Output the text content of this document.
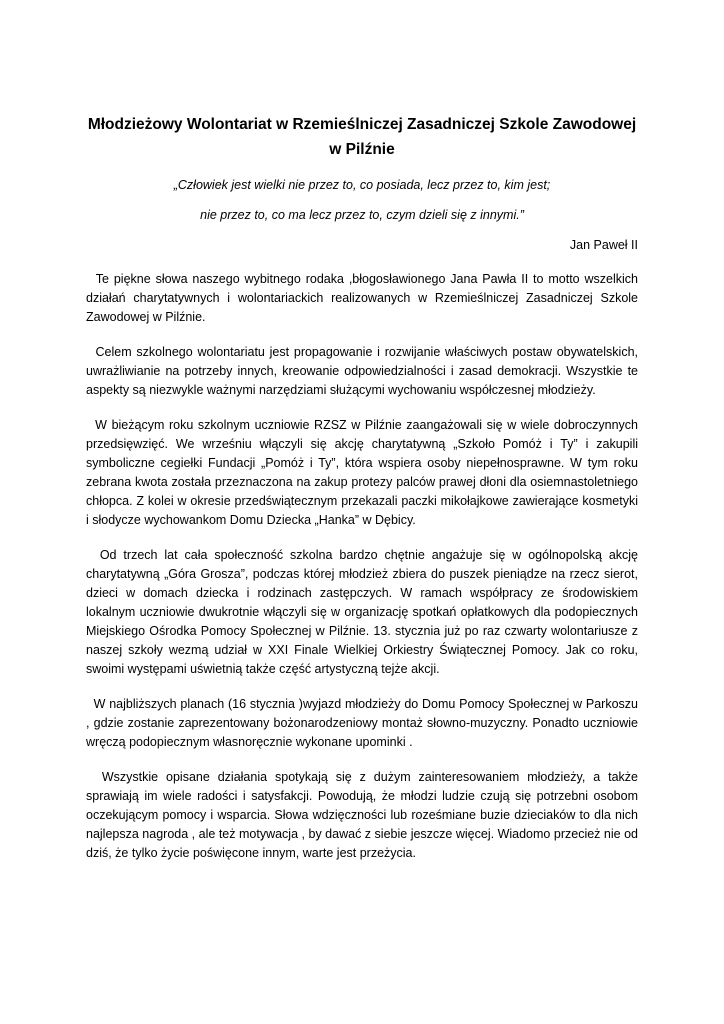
Młodzieżowy Wolontariat w Rzemieślniczej Zasadniczej Szkole Zawodowej
w Pilźnie

„Człowiek jest wielki nie przez to, co posiada, lecz przez to, kim jest;

nie przez to, co ma lecz przez to, czym dzieli się z innymi.”

Jan Paweł II

Te piękne słowa naszego wybitnego rodaka ,błogosławionego Jana Pawła II to motto wszelkich działań charytatywnych i wolontariackich realizowanych w Rzemieślniczej Zasadniczej Szkole Zawodowej w Pilźnie.

Celem szkolnego wolontariatu jest propagowanie i rozwijanie właściwych postaw obywatelskich, uwrażliwianie na potrzeby innych, kreowanie odpowiedzialności i zasad demokracji. Wszystkie te aspekty są niezwykle ważnymi narzędziami służącymi wychowaniu współczesnej młodzieży.

W bieżącym roku szkolnym uczniowie RZSZ w Pilźnie zaangażowali się w wiele dobroczynnych przedsięwzięć. We wrześniu włączyli się akcję charytatywną „Szkoło Pomóż i Ty” i zakupili symboliczne cegiełki Fundacji „Pomóż i Ty”, która wspiera osoby niepełnosprawne. W tym roku zebrana kwota została przeznaczona na zakup protezy palców prawej dłoni dla osiemnastoletniego chłopca. Z kolei w okresie przedświątecznym przekazali paczki mikołajkowe zawierające kosmetyki i słodycze wychowankom Domu Dziecka „Hanka” w Dębicy.

Od trzech lat cała społeczność szkolna bardzo chętnie angażuje się w ogólnopolską akcję charytatywną „Góra Grosza”, podczas której młodzież zbiera do puszek pieniądze na rzecz sierot, dzieci w domach dziecka i rodzinach zastępczych. W ramach współpracy ze środowiskiem lokalnym uczniowie dwukrotnie włączyli się w organizację spotkań opłatkowych dla podopiecznych Miejskiego Ośrodka Pomocy Społecznej w Pilźnie. 13. stycznia już po raz czwarty wolontariusze z naszej szkoły wezmą udział w XXI Finale Wielkiej Orkiestry Świątecznej Pomocy. Jak co roku, swoimi występami uświetnią także część artystyczną tejże akcji.

W najbliższych planach (16 stycznia )wyjazd młodzieży do Domu Pomocy Społecznej w Parkoszu , gdzie zostanie zaprezentowany bożonarodzeniowy montaż słowno-muzyczny. Ponadto uczniowie wręczą podopiecznym własnoręcznie wykonane upominki .

Wszystkie opisane działania spotykają się z dużym zainteresowaniem młodzieży, a także sprawiają im wiele radości i satysfakcji. Powodują, że młodzi ludzie czują się potrzebni osobom oczekującym pomocy i wsparcia. Słowa wdzięczności lub roześmiane buzie dzieciaków to dla nich najlepsza nagroda , ale też motywacja , by dawać z siebie jeszcze więcej. Wiadomo przecież nie od dziś, że tylko życie poświęcone innym, warte jest przeżycia.
